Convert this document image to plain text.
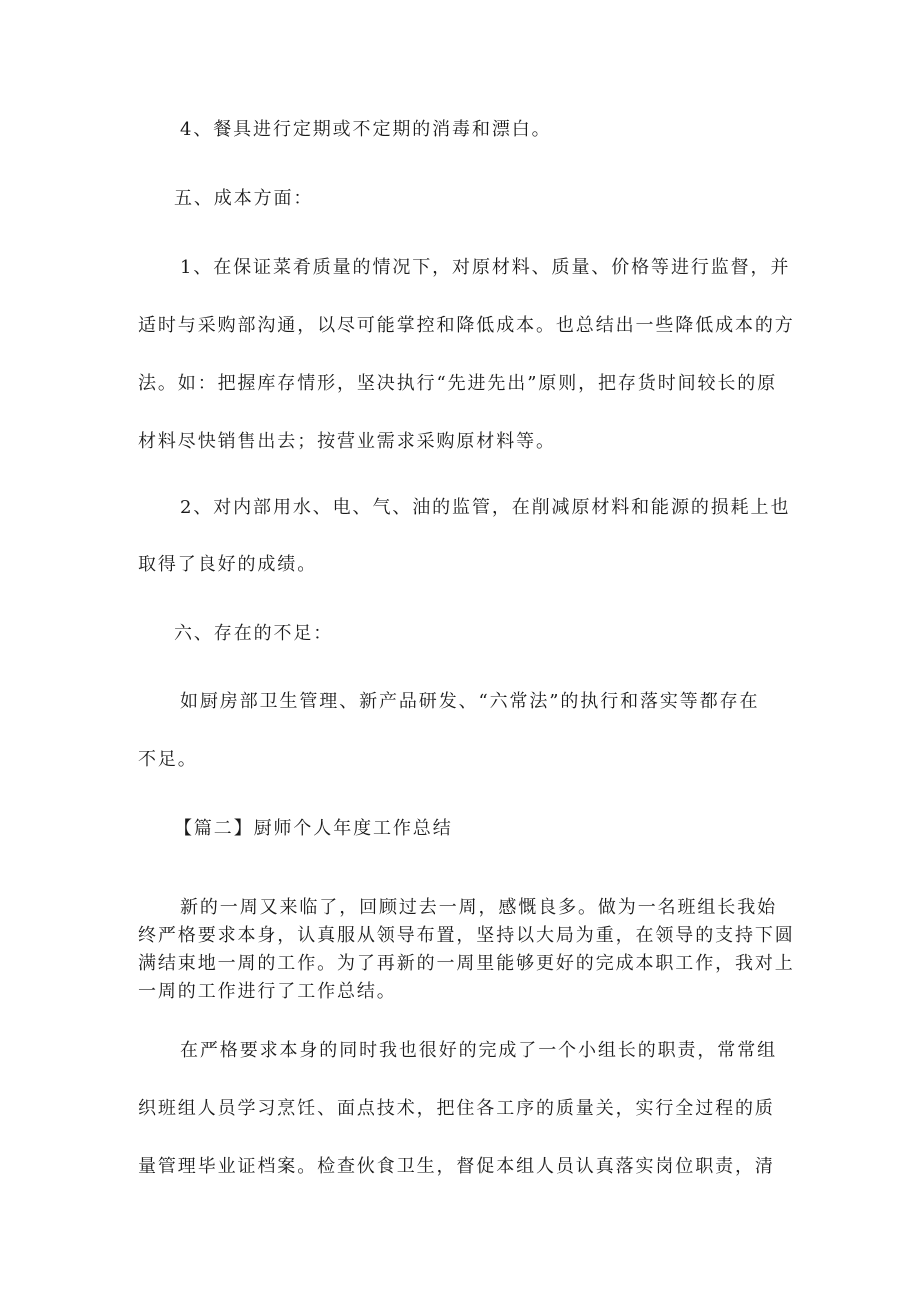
4、餐具进行定期或不定期的消毒和漂白。
五、成本方面：
1、在保证菜肴质量的情况下，对原材料、质量、价格等进行监督，并
适时与采购部沟通，以尽可能掌控和降低成本。也总结出一些降低成本的方
法。如：把握库存情形，坚决执行“先进先出”原则，把存货时间较长的原
材料尽快销售出去；按营业需求采购原材料等。
2、对内部用水、电、气、油的监管，在削减原材料和能源的损耗上也
取得了良好的成绩。
六、存在的不足：
如厨房部卫生管理、新产品研发、“六常法”的执行和落实等都存在
不足。
【篇二】厨师个人年度工作总结
新的一周又来临了，回顾过去一周，感慨良多。做为一名班组长我始
终严格要求本身，认真服从领导布置，坚持以大局为重，在领导的支持下圆
满结束地一周的工作。为了再新的一周里能够更好的完成本职工作，我对上
一周的工作进行了工作总结。
在严格要求本身的同时我也很好的完成了一个小组长的职责，常常组
织班组人员学习烹饪、面点技术，把住各工序的质量关，实行全过程的质
量管理毕业证档案。检查伙食卫生，督促本组人员认真落实岗位职责，清
